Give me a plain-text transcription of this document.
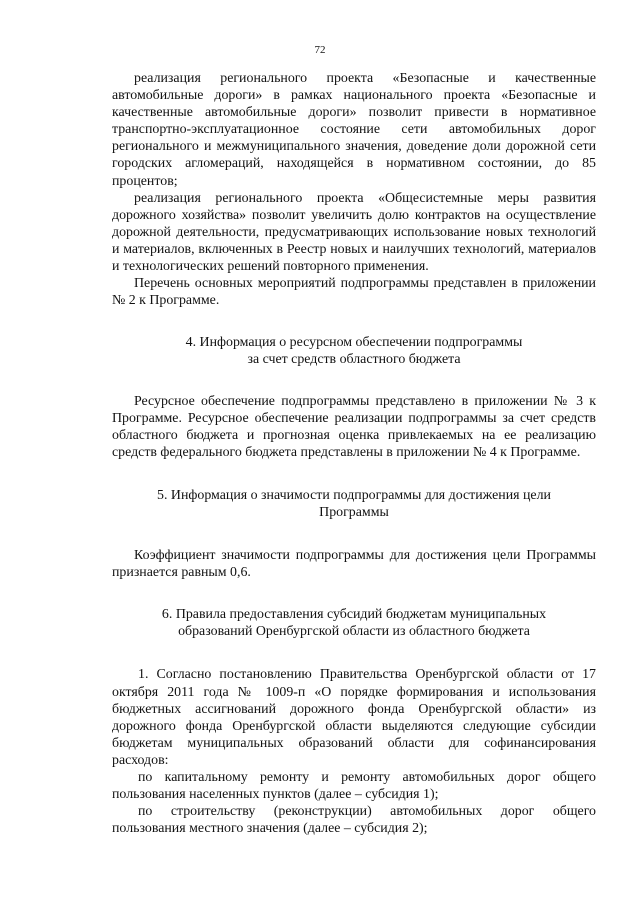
72

реализация регионального проекта «Безопасные и качественные автомобильные дороги» в рамках национального проекта «Безопасные и качественные автомобильные дороги» позволит привести в нормативное транспортно-эксплуатационное состояние сети автомобильных дорог регионального и межмуниципального значения, доведение доли дорожной сети городских агломераций, находящейся в нормативном состоянии, до 85 процентов;

реализация регионального проекта «Общесистемные меры развития дорожного хозяйства» позволит увеличить долю контрактов на осуществление дорожной деятельности, предусматривающих использование новых технологий и материалов, включенных в Реестр новых и наилучших технологий, материалов и технологических решений повторного применения.

Перечень основных мероприятий подпрограммы представлен в приложении № 2 к Программе.

4. Информация о ресурсном обеспечении подпрограммы

за счет средств областного бюджета

Ресурсное обеспечение подпрограммы представлено в приложении № 3 к Программе. Ресурсное обеспечение реализации подпрограммы за счет средств областного бюджета и прогнозная оценка привлекаемых на ее реализацию средств федерального бюджета представлены в приложении № 4 к Программе.

5. Информация о значимости подпрограммы для достижения цели

Программы

Коэффициент значимости подпрограммы для достижения цели Программы признается равным 0,6.

6. Правила предоставления субсидий бюджетам муниципальных

образований Оренбургской области из областного бюджета

1. Согласно постановлению Правительства Оренбургской области от 17 октября 2011 года № 1009-п «О порядке формирования и использования бюджетных ассигнований дорожного фонда Оренбургской области» из дорожного фонда Оренбургской области выделяются следующие субсидии бюджетам муниципальных образований области для софинансирования расходов:

по капитальному ремонту и ремонту автомобильных дорог общего пользования населенных пунктов (далее – субсидия 1);

по строительству (реконструкции) автомобильных дорог общего пользования местного значения (далее – субсидия 2);
